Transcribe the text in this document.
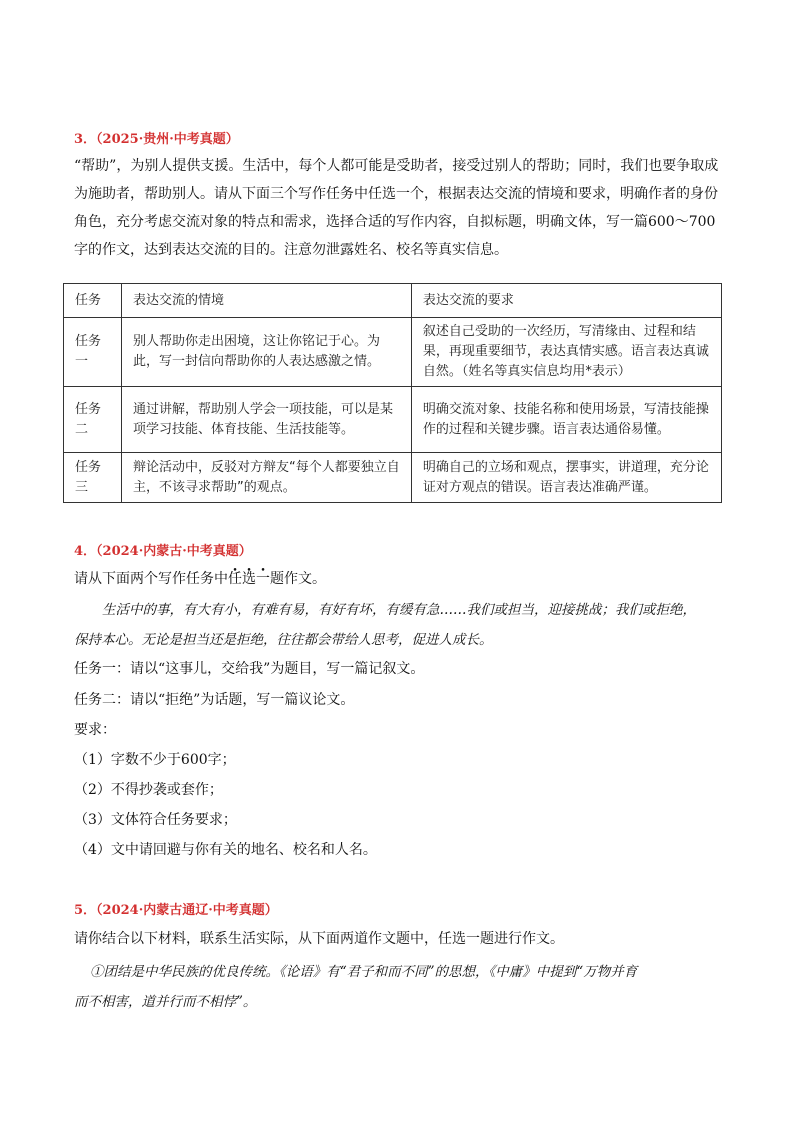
3．（2025·贵州·中考真题）

“帮助”，为别人提供支援。生活中，每个人都可能是受助者，接受过别人的帮助；同时，我们也要争取成为施助者，帮助别人。请从下面三个写作任务中任选一个，根据表达交流的情境和要求，明确作者的身份角色，充分考虑交流对象的特点和需求，选择合适的写作内容，自拟标题，明确文体，写一篇600～700字的作文，达到表达交流的目的。注意勿泄露姓名、校名等真实信息。

任务	表达交流的情境	表达交流的要求
任务一	别人帮助你走出困境，这让你铭记于心。为此，写一封信向帮助你的人表达感激之情。	叙述自己受助的一次经历，写清缘由、过程和结果，再现重要细节，表达真情实感。语言表达真诚自然。（姓名等真实信息均用*表示）
任务二	通过讲解，帮助别人学会一项技能，可以是某项学习技能、体育技能、生活技能等。	明确交流对象、技能名称和使用场景，写清技能操作的过程和关键步骤。语言表达通俗易懂。
任务三	辩论活动中，反驳对方辩友“每个人都要独立自主，不该寻求帮助”的观点。	明确自己的立场和观点，摆事实，讲道理，充分论证对方观点的错误。语言表达准确严谨。
4．（2024·内蒙古·中考真题）
请从下面两个写作任务中任选一题作文。
生活中的事，有大有小，有难有易，有好有坏，有缓有急……我们或担当，迎接挑战；我们或拒绝，
保持本心。无论是担当还是拒绝，往往都会带给人思考，促进人成长。
任务一：请以“这事儿，交给我”为题目，写一篇记叙文。
任务二：请以“拒绝”为话题，写一篇议论文。
要求：
（1）字数不少于600字；
（2）不得抄袭或套作；
（3）文体符合任务要求；
（4）文中请回避与你有关的地名、校名和人名。
5．（2024·内蒙古通辽·中考真题）
请你结合以下材料，联系生活实际，从下面两道作文题中，任选一题进行作文。
①团结是中华民族的优良传统。《论语》有“君子和而不同”的思想，《中庸》中提到“万物并育
而不相害，道并行而不相悖”。
